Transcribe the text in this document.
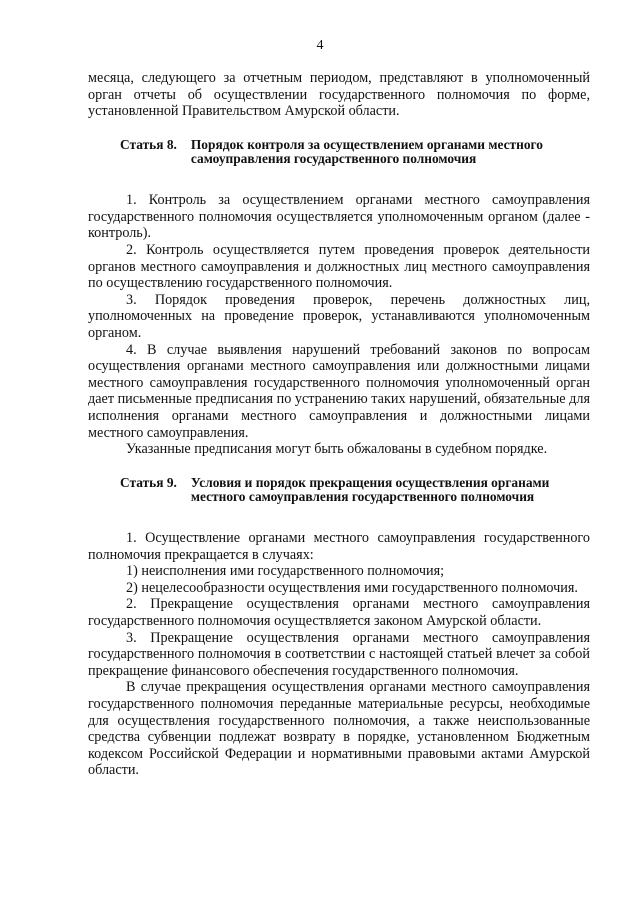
4

месяца, следующего за отчетным периодом, представляют в уполномоченный орган отчеты об осуществлении государственного полномочия по форме, установленной Правительством Амурской области.

Статья 8. Порядок контроля за осуществлением органами местного самоуправления государственного полномочия

1. Контроль за осуществлением органами местного самоуправления государственного полномочия осуществляется уполномоченным органом (далее - контроль).

2. Контроль осуществляется путем проведения проверок деятельности органов местного самоуправления и должностных лиц местного самоуправления по осуществлению государственного полномочия.

3. Порядок проведения проверок, перечень должностных лиц, уполномоченных на проведение проверок, устанавливаются уполномоченным органом.

4. В случае выявления нарушений требований законов по вопросам осуществления органами местного самоуправления или должностными лицами местного самоуправления государственного полномочия уполномоченный орган дает письменные предписания по устранению таких нарушений, обязательные для исполнения органами местного самоуправления и должностными лицами местного самоуправления.

Указанные предписания могут быть обжалованы в судебном порядке.

Статья 9. Условия и порядок прекращения осуществления органами местного самоуправления государственного полномочия

1. Осуществление органами местного самоуправления государственного полномочия прекращается в случаях:

1) неисполнения ими государственного полномочия;

2) нецелесообразности осуществления ими государственного полномочия.

2. Прекращение осуществления органами местного самоуправления государственного полномочия осуществляется законом Амурской области.

3. Прекращение осуществления органами местного самоуправления государственного полномочия в соответствии с настоящей статьей влечет за собой прекращение финансового обеспечения государственного полномочия.

В случае прекращения осуществления органами местного самоуправления государственного полномочия переданные материальные ресурсы, необходимые для осуществления государственного полномочия, а также неиспользованные средства субвенции подлежат возврату в порядке, установленном Бюджетным кодексом Российской Федерации и нормативными правовыми актами Амурской области.
